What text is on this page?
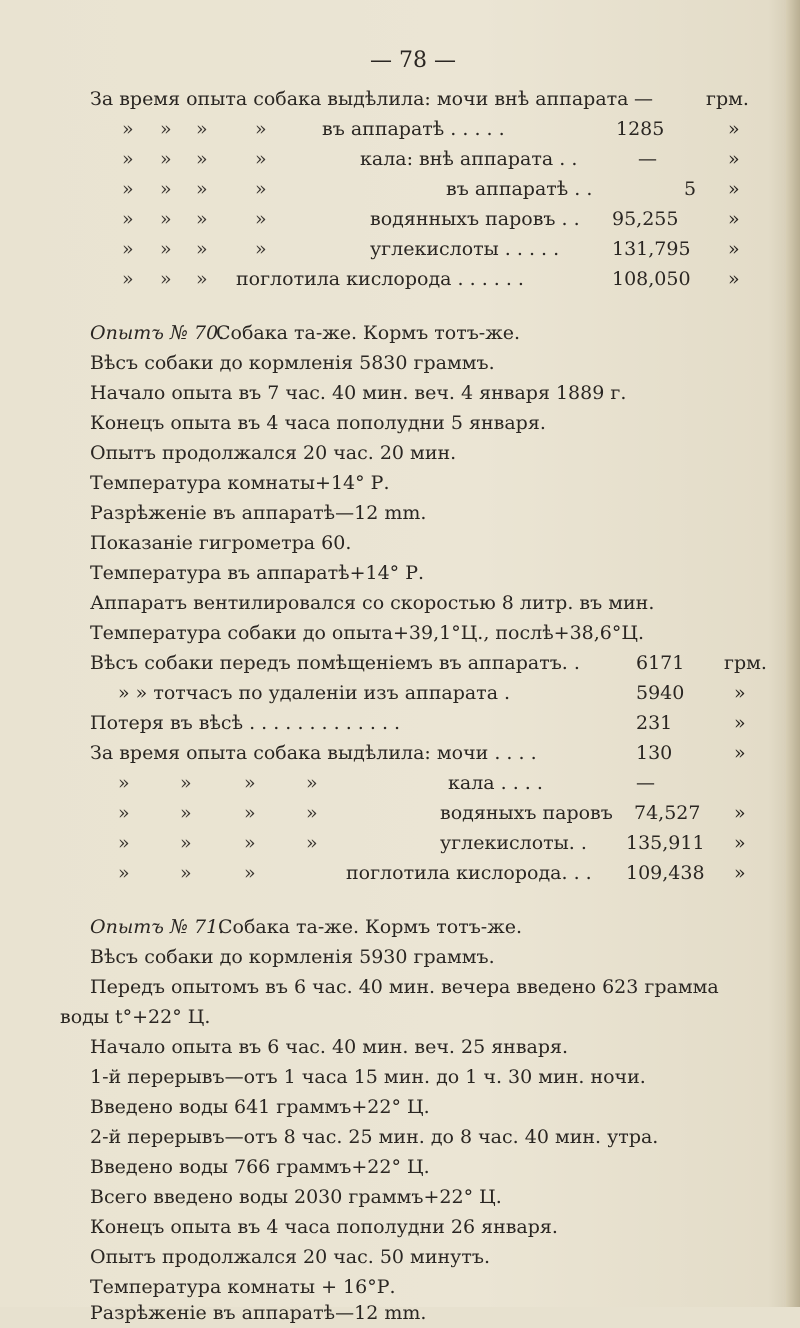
— 78 —
За время опыта собака выдѣлила: мочи внѣ аппарата —	грм.
» » » »	въ аппаратѣ . . . . .	1285	»
» » » »	кала: внѣ аппарата . .	—	»
» » » »	въ аппаратѣ . .	5 »
» » » »	водянныхъ паровъ . . 95,255	»
» » » »	углекислоты . . . . .	131,795 »
» » » поглотила кислорода . . . . . .	108,050 »
Опытъ № 70.
Собака та-же. Кормъ тотъ-же.
Вѣсъ собаки до кормленія 5830 граммъ.
Начало опыта въ 7 час. 40 мин. веч. 4 января 1889 г.
Конецъ опыта въ 4 часа пополудни 5 января.
Опытъ продолжался 20 час. 20 мин.
Температура комнаты+14° Р.
Разрѣженіе въ аппаратѣ—12 mm.
Показаніе гигрометра 60.
Температура въ аппаратѣ+14° Р.
Аппаратъ вентилировался со скоростью 8 литр. въ мин.
Температура собаки до опыта+39,1°Ц., послѣ+38,6°Ц.
Вѣсъ собаки передъ помѣщеніемъ въ аппаратъ. .	6171 грм.
» » тотчасъ по удаленіи изъ аппарата .	5940	»
Потеря въ вѣсѣ . . . . . . . . . . . . .	231	»
За время опыта собака выдѣлила: мочи . . . .	130	»
»	»	»	»	кала . . . .	—
»	»	»	»	водяныхъ паровъ 74,527 »
»	»	»	»	углекислоты. . 135,911 »
»	»	»	поглотила кислорода. . . 109,438 »
Опытъ № 71.
Собака та-же. Кормъ тотъ-же.
Вѣсъ собаки до кормленія 5930 граммъ.
Передъ опытомъ въ 6 час. 40 мин. вечера введено 623 грамма
воды t°+22° Ц.
Начало опыта въ 6 час. 40 мин. веч. 25 января.
1-й перерывъ—отъ 1 часа 15 мин. до 1 ч. 30 мин. ночи.
Введено воды 641 граммъ+22° Ц.
2-й перерывъ—отъ 8 час. 25 мин. до 8 час. 40 мин. утра.
Введено воды 766 граммъ+22° Ц.
Всего введено воды 2030 граммъ+22° Ц.
Конецъ опыта въ 4 часа пополудни 26 января.
Опытъ продолжался 20 час. 50 минутъ.
Температура комнаты + 16°Р.
Разрѣженіе въ аппаратѣ—12 mm.
